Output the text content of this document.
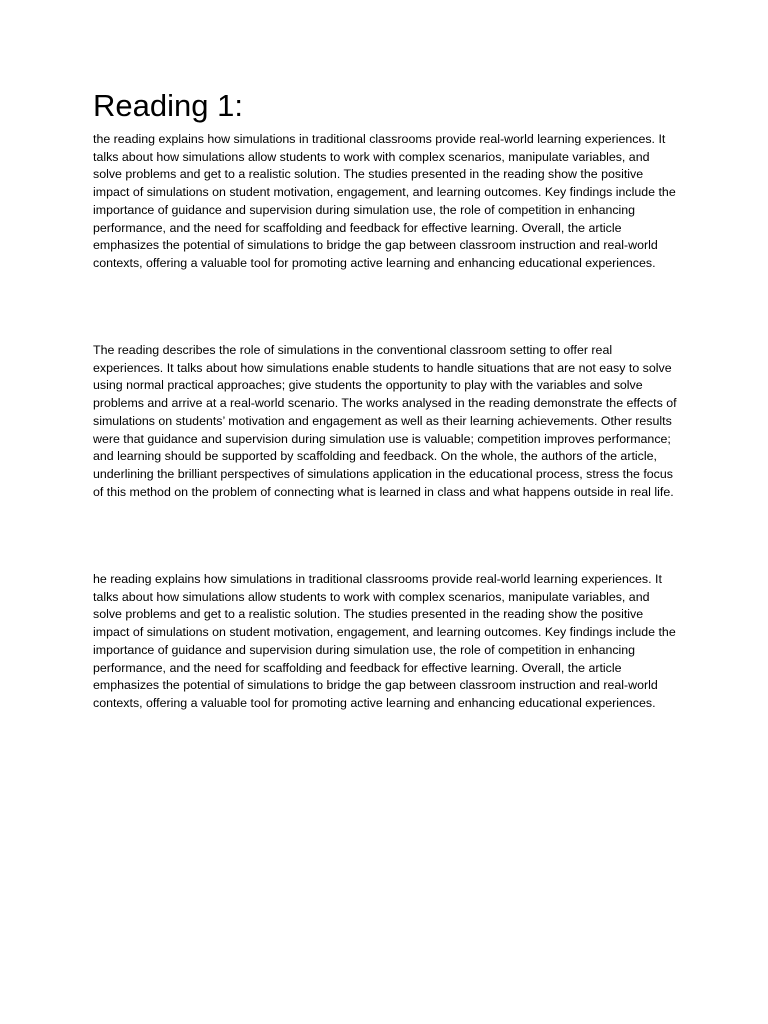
Reading 1:

the reading explains how simulations in traditional classrooms provide real-world learning experiences. It talks about how simulations allow students to work with complex scenarios, manipulate variables, and solve problems and get to a realistic solution. The studies presented in the reading show the positive impact of simulations on student motivation, engagement, and learning outcomes. Key findings include the importance of guidance and supervision during simulation use, the role of competition in enhancing performance, and the need for scaffolding and feedback for effective learning. Overall, the article emphasizes the potential of simulations to bridge the gap between classroom instruction and real-world contexts, offering a valuable tool for promoting active learning and enhancing educational experiences.

The reading describes the role of simulations in the conventional classroom setting to offer real experiences. It talks about how simulations enable students to handle situations that are not easy to solve using normal practical approaches; give students the opportunity to play with the variables and solve problems and arrive at a real-world scenario. The works analysed in the reading demonstrate the effects of simulations on students’ motivation and engagement as well as their learning achievements. Other results were that guidance and supervision during simulation use is valuable; competition improves performance; and learning should be supported by scaffolding and feedback. On the whole, the authors of the article, underlining the brilliant perspectives of simulations application in the educational process, stress the focus of this method on the problem of connecting what is learned in class and what happens outside in real life.

he reading explains how simulations in traditional classrooms provide real-world learning experiences. It talks about how simulations allow students to work with complex scenarios, manipulate variables, and solve problems and get to a realistic solution. The studies presented in the reading show the positive impact of simulations on student motivation, engagement, and learning outcomes. Key findings include the importance of guidance and supervision during simulation use, the role of competition in enhancing performance, and the need for scaffolding and feedback for effective learning. Overall, the article emphasizes the potential of simulations to bridge the gap between classroom instruction and real-world contexts, offering a valuable tool for promoting active learning and enhancing educational experiences.
